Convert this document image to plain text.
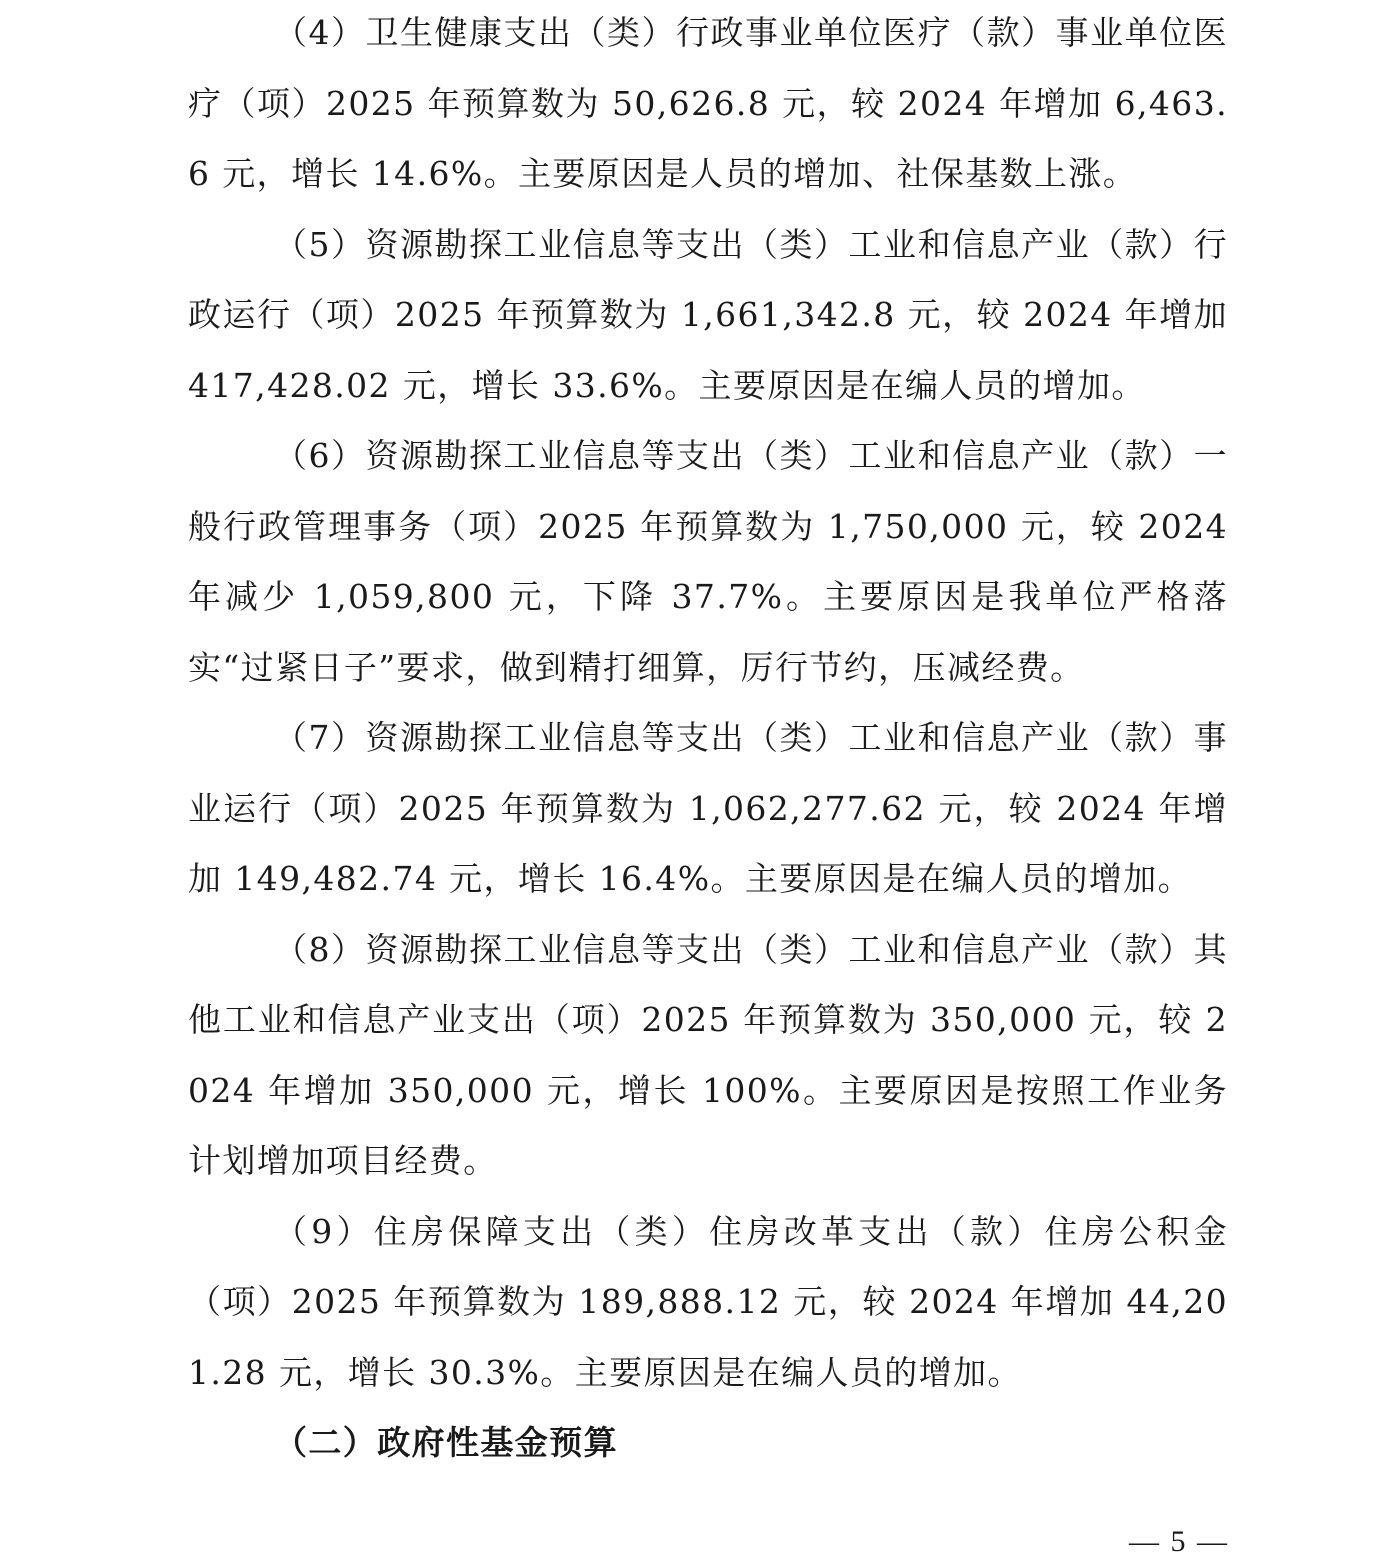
（4）卫生健康支出（类）行政事业单位医疗（款）事业单位医疗（项）2025 年预算数为 50,626.8 元，较 2024 年增加 6,463.6 元，增长 14.6%。主要原因是人员的增加、社保基数上涨。

（5）资源勘探工业信息等支出（类）工业和信息产业（款）行政运行（项）2025 年预算数为 1,661,342.8 元，较 2024 年增加 417,428.02 元，增长 33.6%。主要原因是在编人员的增加。

（6）资源勘探工业信息等支出（类）工业和信息产业（款）一般行政管理事务（项）2025 年预算数为 1,750,000 元，较 2024 年减少 1,059,800 元，下降 37.7%。主要原因是我单位严格落实“过紧日子”要求，做到精打细算，厉行节约，压减经费。

（7）资源勘探工业信息等支出（类）工业和信息产业（款）事业运行（项）2025 年预算数为 1,062,277.62 元，较 2024 年增加 149,482.74 元，增长 16.4%。主要原因是在编人员的增加。

（8）资源勘探工业信息等支出（类）工业和信息产业（款）其他工业和信息产业支出（项）2025 年预算数为 350,000 元，较 2024 年增加 350,000 元，增长 100%。主要原因是按照工作业务计划增加项目经费。

（9）住房保障支出（类）住房改革支出（款）住房公积金（项）2025 年预算数为 189,888.12 元，较 2024 年增加 44,201.28 元，增长 30.3%。主要原因是在编人员的增加。

（二）政府性基金预算

— 5 —
